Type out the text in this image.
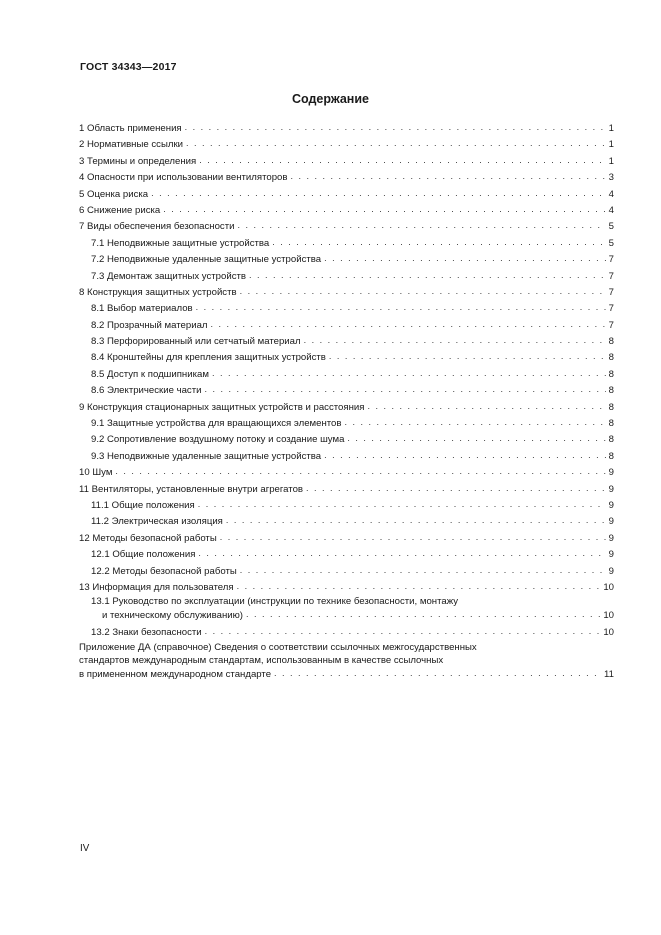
ГОСТ 34343—2017
Содержание
1 Область применения . . .	1
2 Нормативные ссылки . . .	1
3 Термины и определения . . .	1
4 Опасности при использовании вентиляторов . . .	3
5 Оценка риска . . .	4
6 Снижение риска . . .	4
7 Виды обеспечения безопасности . . .	5
7.1 Неподвижные защитные устройства . . .	5
7.2 Неподвижные удаленные защитные устройства . . .	7
7.3 Демонтаж защитных устройств . . .	7
8 Конструкция защитных устройств . . .	7
8.1 Выбор материалов . . .	7
8.2 Прозрачный материал . . .	7
8.3 Перфорированный или сетчатый материал . . .	8
8.4 Кронштейны для крепления защитных устройств . . .	8
8.5 Доступ к подшипникам . . .	8
8.6 Электрические части . . .	8
9 Конструкция стационарных защитных устройств и расстояния . . .	8
9.1 Защитные устройства для вращающихся элементов . . .	8
9.2 Сопротивление воздушному потоку и создание шума . . .	8
9.3 Неподвижные удаленные защитные устройства . . .	8
10 Шум . . .	9
11 Вентиляторы, установленные внутри агрегатов . . .	9
11.1 Общие положения . . .	9
11.2 Электрическая изоляция . . .	9
12 Методы безопасной работы . . .	9
12.1 Общие положения . . .	9
12.2 Методы безопасной работы . . .	9
13 Информация для пользователя . . .	10
13.1 Руководство по эксплуатации (инструкции по технике безопасности, монтажу
и техническому обслуживанию) . . .	10
13.2 Знаки безопасности . . .	10
Приложение ДА (справочное) Сведения о соответствии ссылочных межгосударственных
стандартов международным стандартам, использованным в качестве ссылочных
в примененном международном стандарте . . .	11
IV
